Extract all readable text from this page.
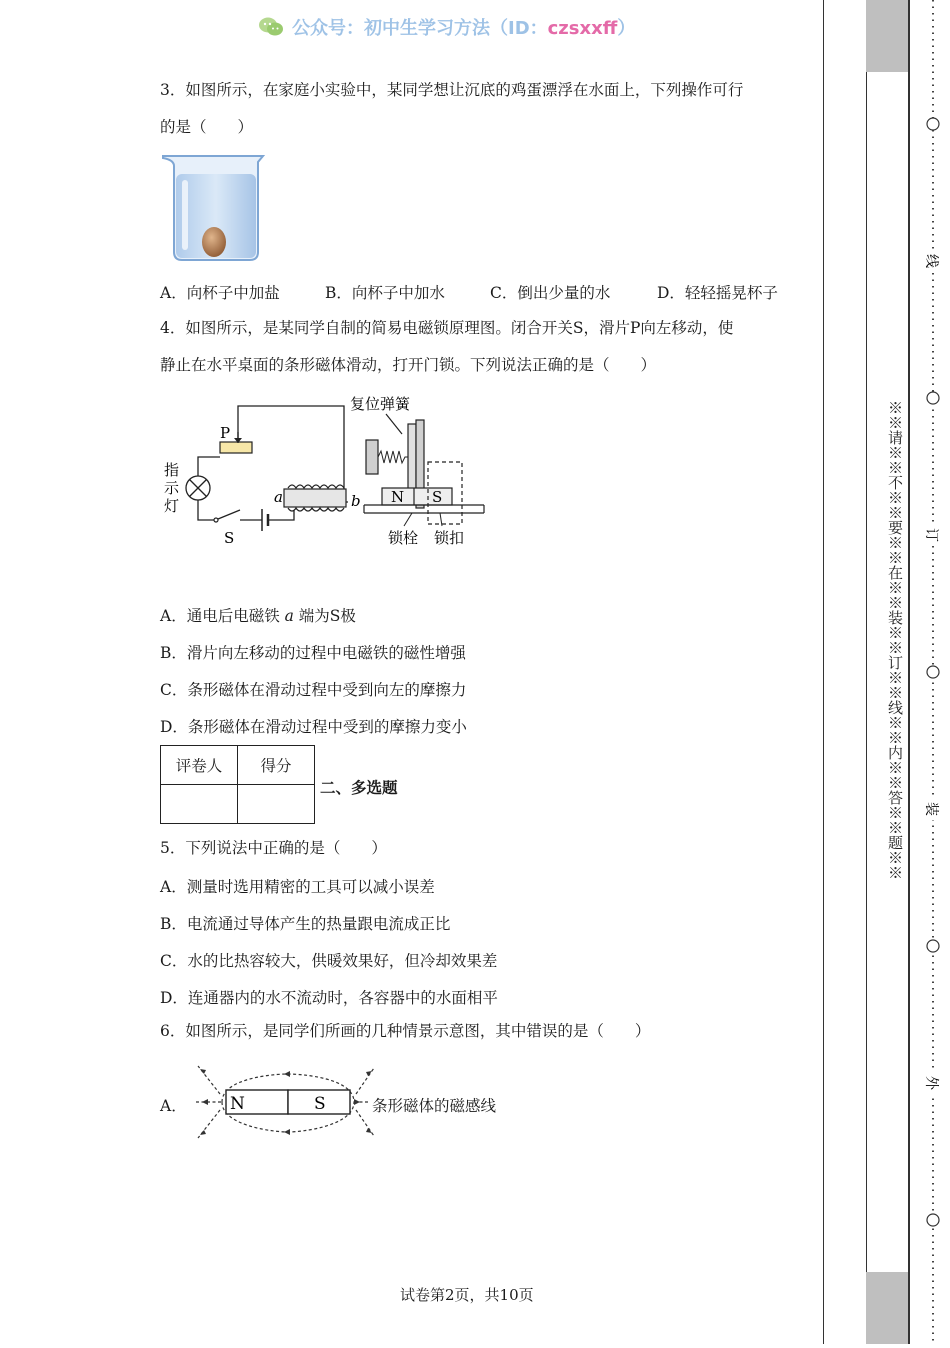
公众号：初中生学习方法（ID：czsxxff）
3．如图所示，在家庭小实验中，某同学想让沉底的鸡蛋漂浮在水面上，下列操作可行
的是（　　）
A．向杯子中加盐	B．向杯子中加水	C．倒出少量的水	D．轻轻摇晃杯子
4．如图所示，是某同学自制的简易电磁锁原理图。闭合开关S，滑片P向左移动，使
静止在水平桌面的条形磁体滑动，打开门锁。下列说法正确的是（　　）
P
指
示
灯
S
a	b
复位弹簧
N S
锁栓 锁扣
A．通电后电磁铁 a 端为S极
B．滑片向左移动的过程中电磁铁的磁性增强
C．条形磁体在滑动过程中受到向左的摩擦力
D．条形磁体在滑动过程中受到的摩擦力变小
评卷人	得分

二、多选题
5．下列说法中正确的是（　　）
A．测量时选用精密的工具可以减小误差
B．电流通过导体产生的热量跟电流成正比
C．水的比热容较大，供暖效果好，但冷却效果差
D．连通器内的水不流动时，各容器中的水面相平
6．如图所示，是同学们所画的几种情景示意图，其中错误的是（　　）
A．	N	S	条形磁体的磁感线
试卷第2页，共10页
※※请※※不※※要※※在※※装※※订※※线※※内※※答※※题※※
线
订
装
外
